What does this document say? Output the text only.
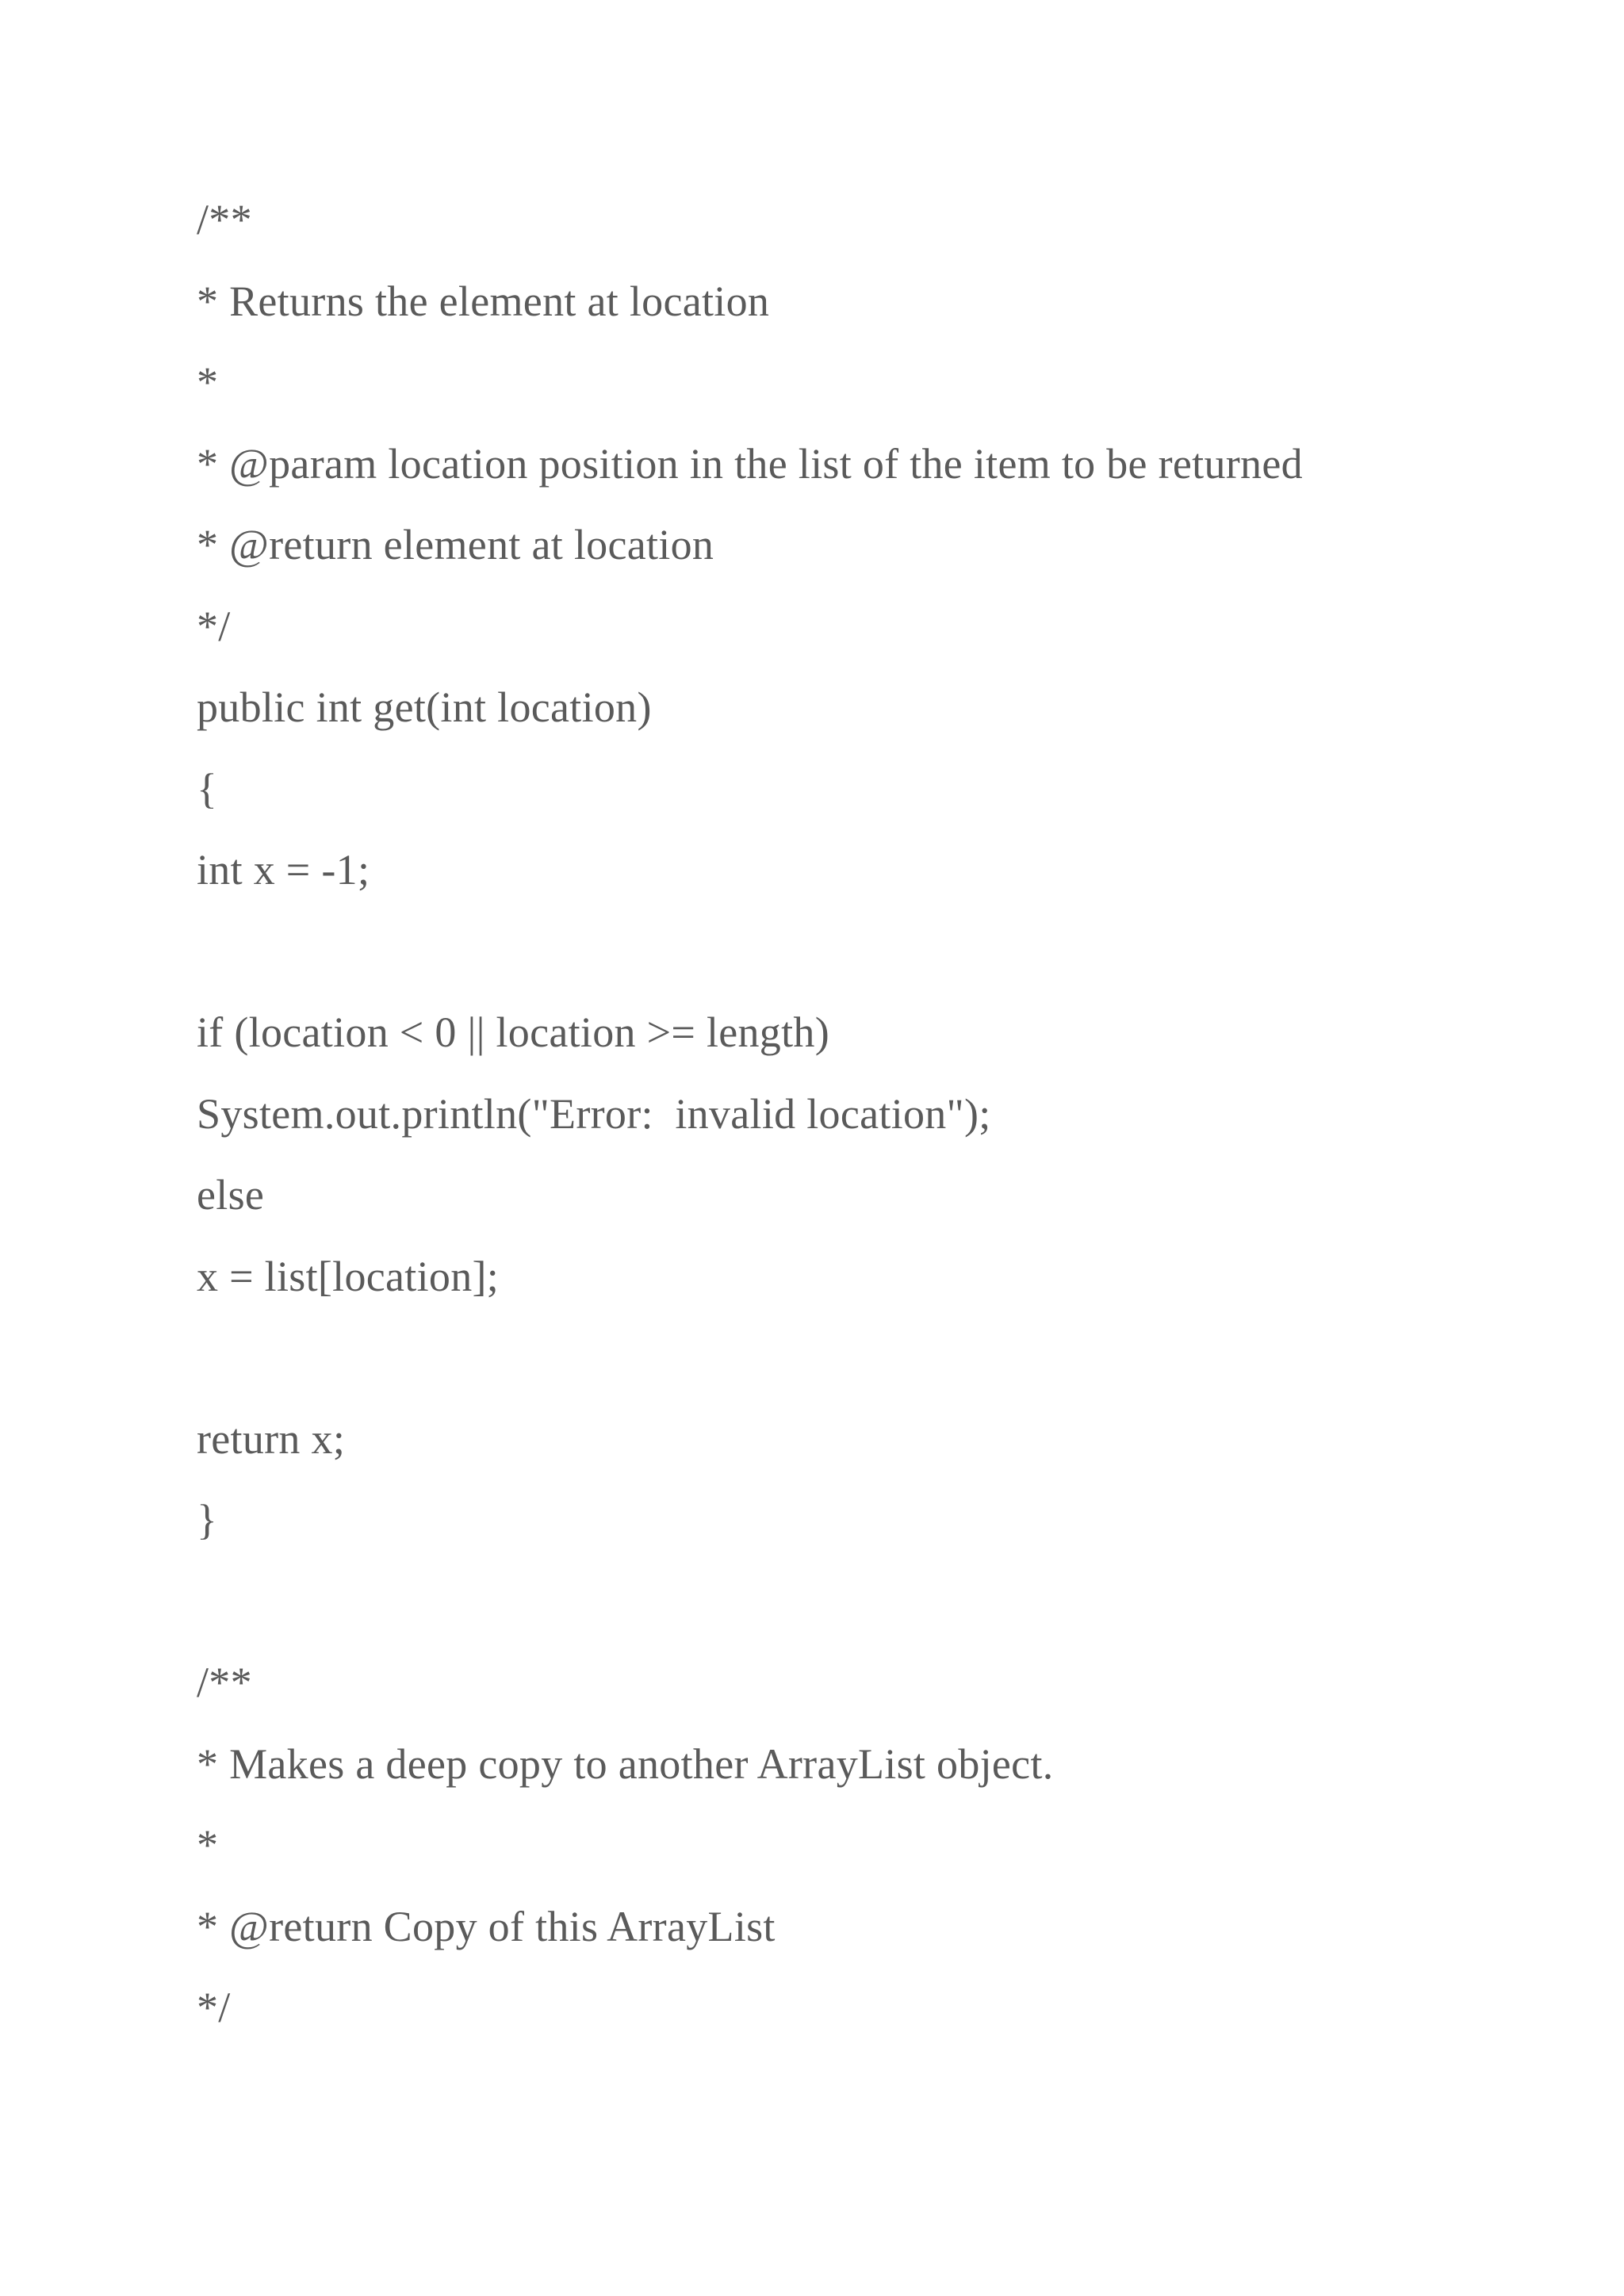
/**
* Returns the element at location
*
* @param location position in the list of the item to be returned
* @return element at location
*/
public int get(int location)
{
int x = -1;
if (location < 0 || location >= length)
System.out.println("Error:  invalid location");
else
x = list[location];
return x;
}
/**
* Makes a deep copy to another ArrayList object.
*
* @return Copy of this ArrayList
*/
